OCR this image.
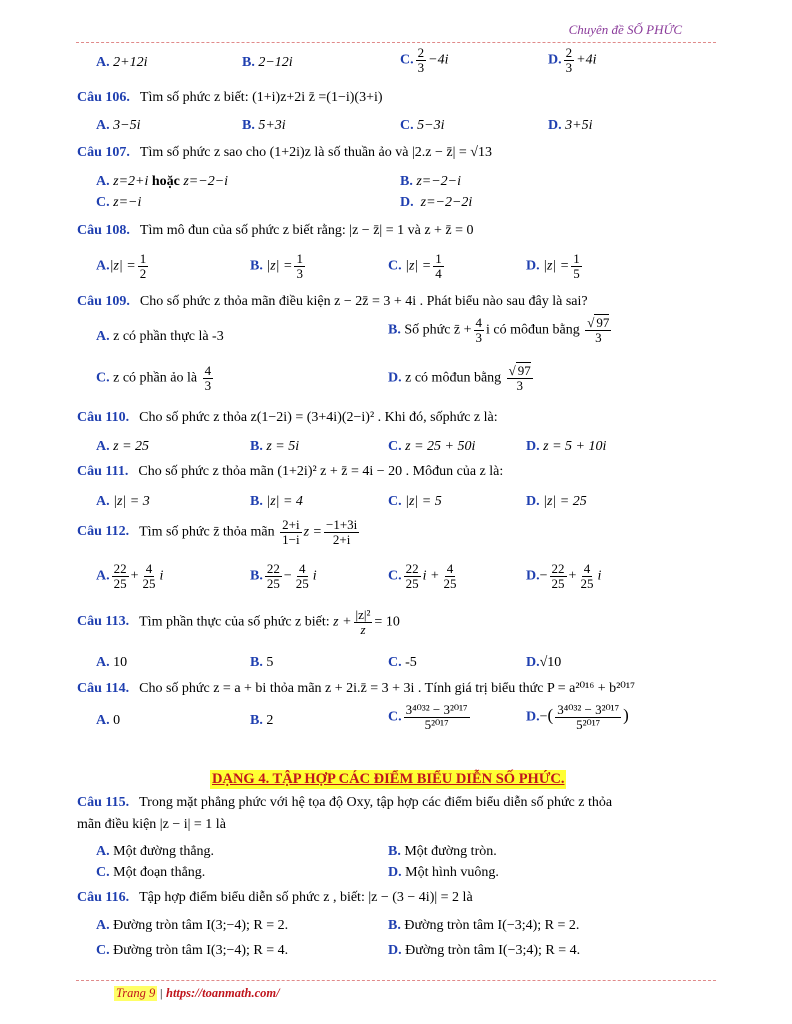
Chuyên đề SỐ PHỨC
A. 2+12i	B. 2−12i	C. $\frac{2}{3} -4i$	D. $\frac{2}{3} +4i$
Câu 106. Tìm số phức z biết: (1+i)z+2i z̄ =(1−i)(3+i)
A. 3−5i	B. 5+3i	C. 5−3i	D. 3+5i
Câu 107. Tìm số phức z sao cho (1+2i)z là số thuần ảo và |2.z − z̄| = √13
A. z=2+i hoặc z=−2−i	B. z=−2−i
C. z=−i	D. z=−2−2i
Câu 108. Tìm mô đun của số phức z biết rằng: |z − z̄| = 1 và z + z̄ = 0
$A.|z| = \frac{1}{2}$	B. $|z| = \frac{1}{3}$	C. $|z| = \frac{1}{4}$	D. $|z| = \frac{1}{5}$
Câu 109. Cho số phức z thỏa mãn điều kiện z − 2z̄ = 3 + 4i . Phát biểu nào sau đây là sai?
A. z có phần thực là -3	B. Số phức z̄ + $\frac{4}{3}$ i có môđun bằng $\frac{√ 97}{3}$
C. z có phần ảo là $\frac{4}{3}$	D. z có môđun bằng $\frac{√ 97}{3}$
Câu 110. Cho số phức z thỏa z(1−2i) = (3+4i)(2−i)² . Khi đó, sốphức z là:
A. z = 25	B. z = 5i	C. z = 25 + 50i	D. z = 5 + 10i
Câu 111. Cho số phức z thỏa mãn (1+2i)² z + z̄ = 4i − 20 . Môđun của z là:
A. |z| = 3	B. |z| = 4	C. |z| = 5	D. |z| = 25
Câu 112. Tìm số phức z̄ thỏa mãn $\frac{2+i}{1-i}$ $z = \frac{-1+3i}{2+i}$
A. $\frac{22}{25} + \frac{4}{25}$ i	B. $\frac{22}{25} - \frac{4}{25}$ i	C. $\frac{22}{25}$ $i + \frac{4}{25}$	$D.- \frac{22}{25} + \frac{4}{25}$ i
Câu 113. Tìm phần thực của số phức z biết: $z + \frac{\text{|z|²}}{z} = 10$
A. 10	B. 5	C. -5	D.√10
Câu 114. Cho số phức z = a + bi thỏa mãn z + 2i.z̄ = 3 + 3i . Tính giá trị biểu thức P = a²⁰¹⁶ + b²⁰¹⁷
A. 0	B. 2	C. $\frac{\text{3⁴⁰³² − 3²⁰¹⁷}}{\text{5²⁰¹⁷}}$	$D.-( \frac{\text{3⁴⁰³² − 3²⁰¹⁷}}{\text{5²⁰¹⁷}}$ )
DẠNG 4. TẬP HỢP CÁC ĐIỂM BIỂU DIỄN SỐ PHỨC.
Câu 115. Trong mặt phẳng phức với hệ tọa độ Oxy, tập hợp các điểm biểu diễn số phức z thỏa
mãn điều kiện |z − i| = 1 là
A. Một đường thẳng.	B. Một đường tròn.
C. Một đoạn thẳng.	D. Một hình vuông.
Câu 116. Tập hợp điểm biểu diễn số phức z , biết: |z − (3 − 4i)| = 2 là
A. Đường tròn tâm I(3;−4); R = 2.	B. Đường tròn tâm I(−3;4); R = 2.
C. Đường tròn tâm I(3;−4); R = 4.	D. Đường tròn tâm I(−3;4); R = 4.
Trang 9 | https://toanmath.com/
